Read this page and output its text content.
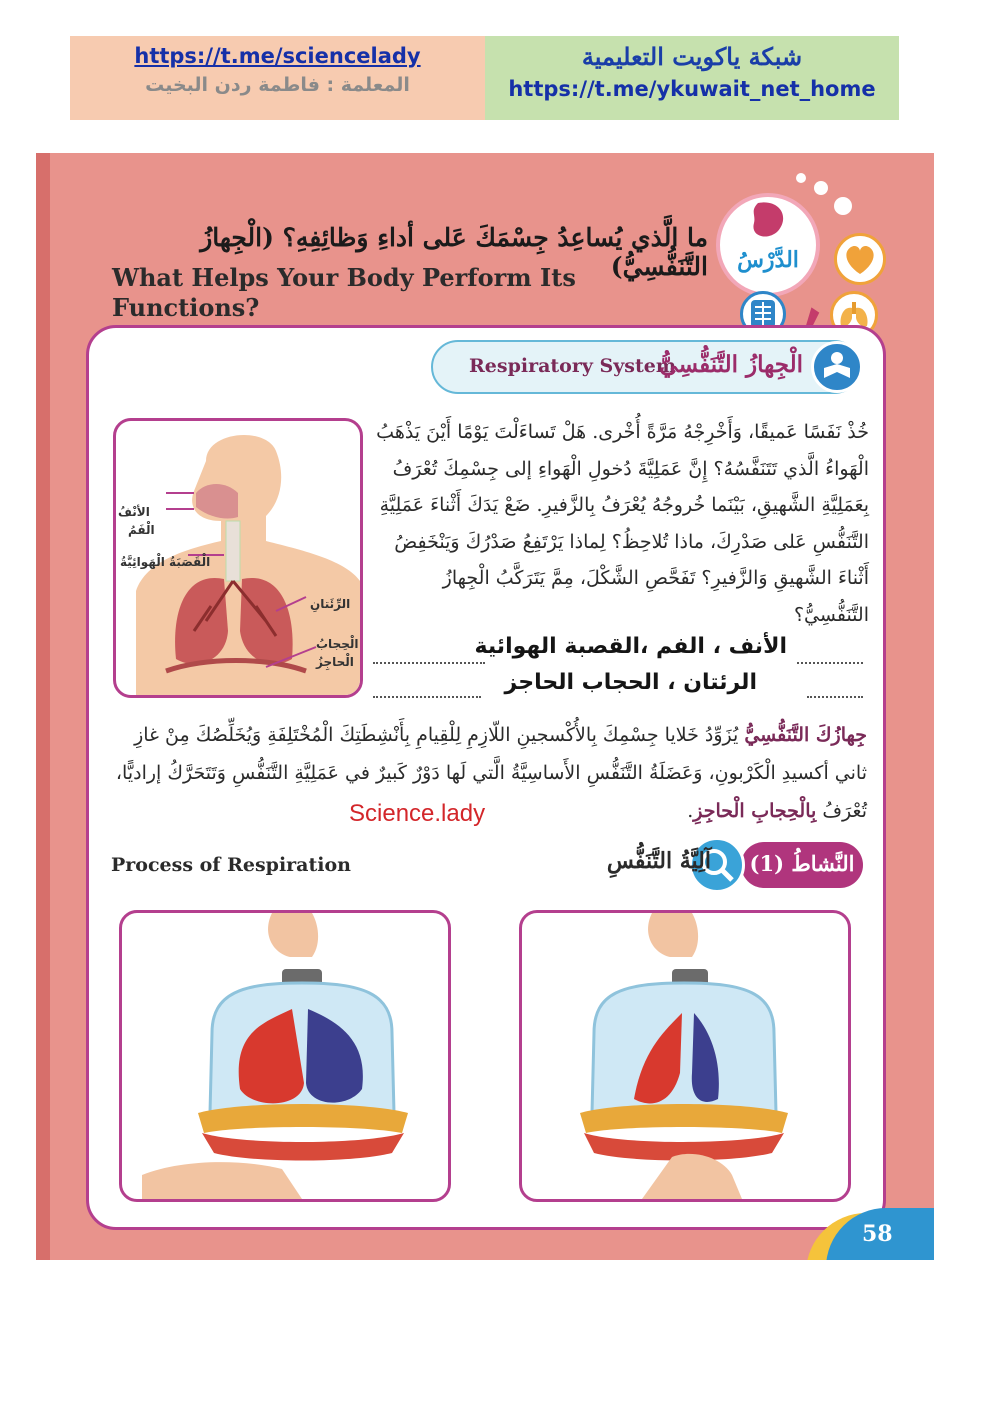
https://t.me/sciencelady
المعلمة : فاطمة ردن البخيت
شبكة ياكويت التعليمية
https://t.me/ykuwait_net_home
الدَّرْسُ
ما الَّذي يُساعِدُ جِسْمَكَ عَلى أداءِ وَظائِفِهِ؟ (الْجِهازُ التَّنَفُّسِيُّ)
What Helps Your Body Perform Its Functions?
Respiratory System
الْجِهازُ التَّنَفُّسِيُّ
الأنْفُ
الْفَمُ
الْقَصَبَةُ الْهَوائِيَّةُ
الرِّئَتانِ
الْحِجابُ
الْحاجِزُ
خُذْ نَفَسًا عَميقًا، وَأَخْرِجْهُ مَرَّةً أُخْرى. هَلْ تَساءَلْتَ يَوْمًا أَيْنَ يَذْهَبُ الْهَواءُ الَّذي تَتَنَفَّسُهُ؟ إِنَّ عَمَلِيَّةَ دُخولِ الْهَواءِ إلى جِسْمِكَ تُعْرَفُ بِعَمَلِيَّةِ الشَّهيقِ، بَيْنَما خُروجُهُ يُعْرَفُ بِالزَّفيرِ. ضَعْ يَدَكَ أَثْناءَ عَمَلِيَّةِ التَّنَفُّسِ عَلى صَدْرِكَ، ماذا تُلاحِظُ؟ لِماذا يَرْتَفِعُ صَدْرُكَ وَيَنْخَفِضُ أَثْناءَ الشَّهيقِ وَالزَّفيرِ؟ تَفَحَّصِ الشَّكْلَ، مِمَّ يَتَرَكَّبُ الْجِهازُ التَّنَفُّسِيُّ؟
الأنف ، الفم ،القصبة الهوائية
الرئتان ، الحجاب الحاجز
جِهازُكَ التَّنَفُّسِيُّ يُزَوِّدُ خَلايا جِسْمِكَ بِالأُكْسجينِ اللّازِمِ لِلْقِيامِ بِأَنْشِطَتِكَ الْمُخْتَلِفَةِ وَيُخَلِّصُكَ مِنْ غازِ ثاني أكسيدِ الْكَرْبونِ، وَعَضَلَةُ التَّنَفُّسِ الأَساسِيَّةُ الَّتي لَها دَوْرٌ كَبيرٌ في عَمَلِيَّةِ التَّنَفُّسِ وَتَتَحَرَّكُ إراديًّا، تُعْرَفُ بِالْحِجابِ الْحاجِزِ.
Science.lady
Process of Respiration	النَّشاطُ (1)
آلِيَّةُ التَّنَفُّسِ
58
